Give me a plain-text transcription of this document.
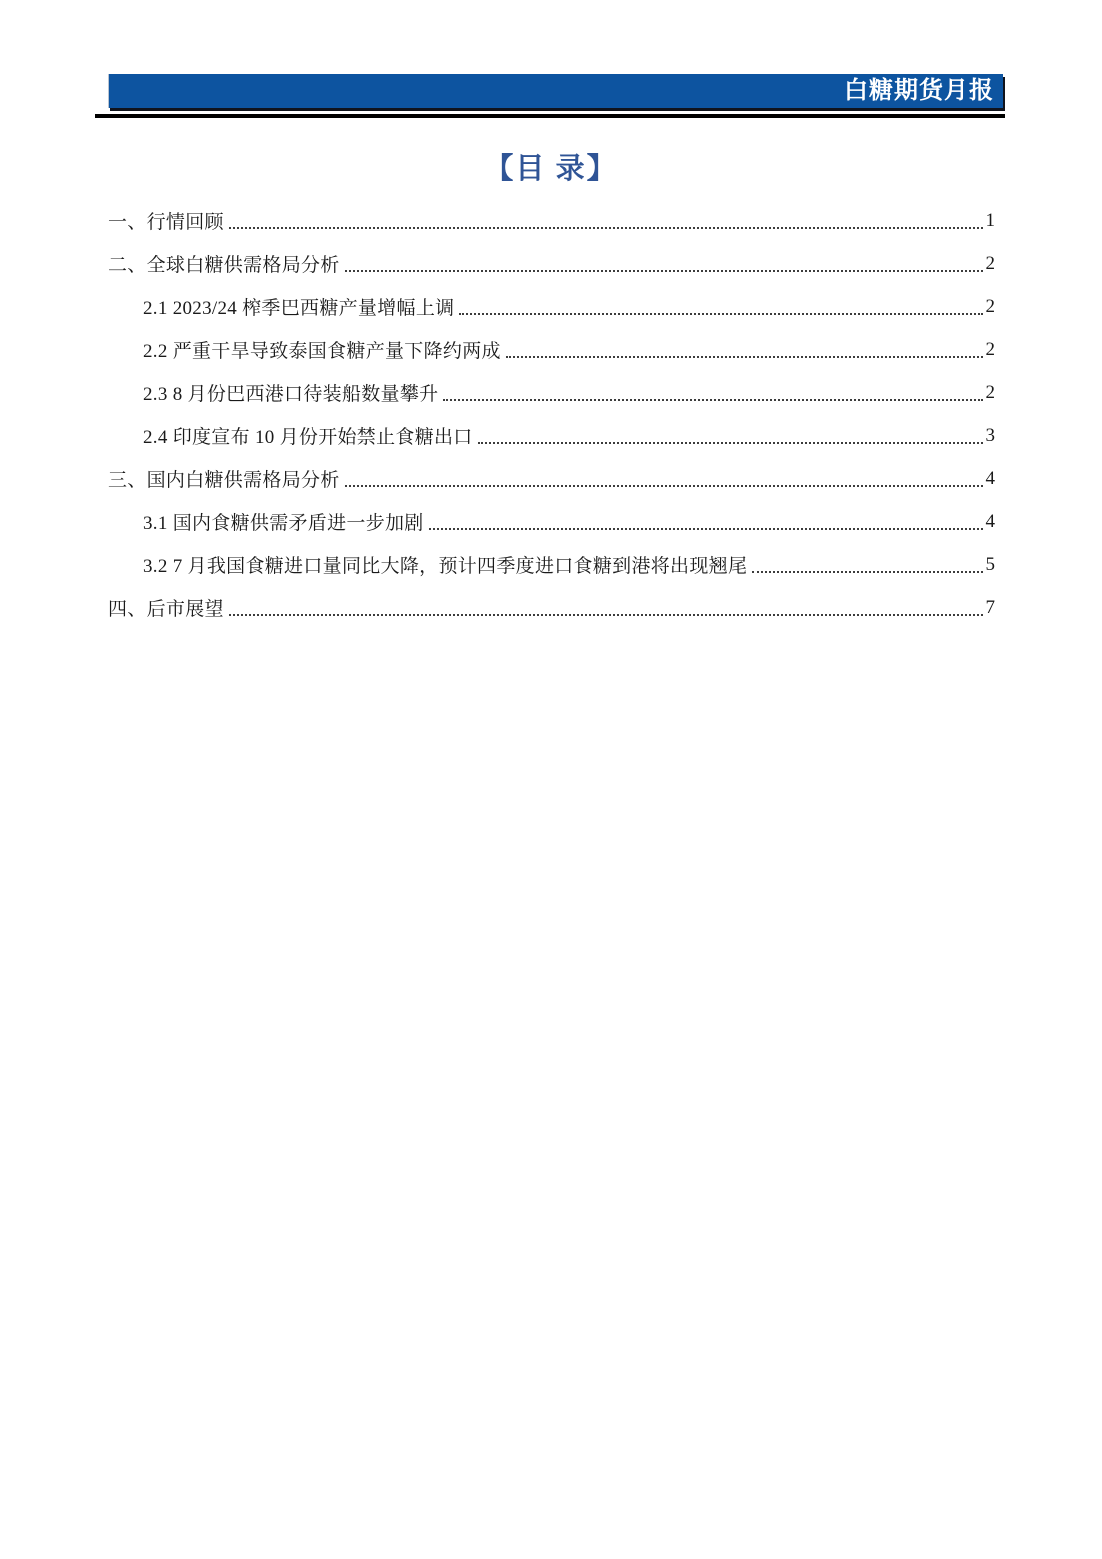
白糖期货月报
【目 录】
一、行情回顾	1
二、全球白糖供需格局分析	2
2.1 2023/24 榨季巴西糖产量增幅上调	2
2.2 严重干旱导致泰国食糖产量下降约两成	2
2.3 8 月份巴西港口待装船数量攀升	2
2.4 印度宣布 10 月份开始禁止食糖出口	3
三、国内白糖供需格局分析	4
3.1 国内食糖供需矛盾进一步加剧	4
3.2 7 月我国食糖进口量同比大降，预计四季度进口食糖到港将出现翘尾	5
四、后市展望	7
